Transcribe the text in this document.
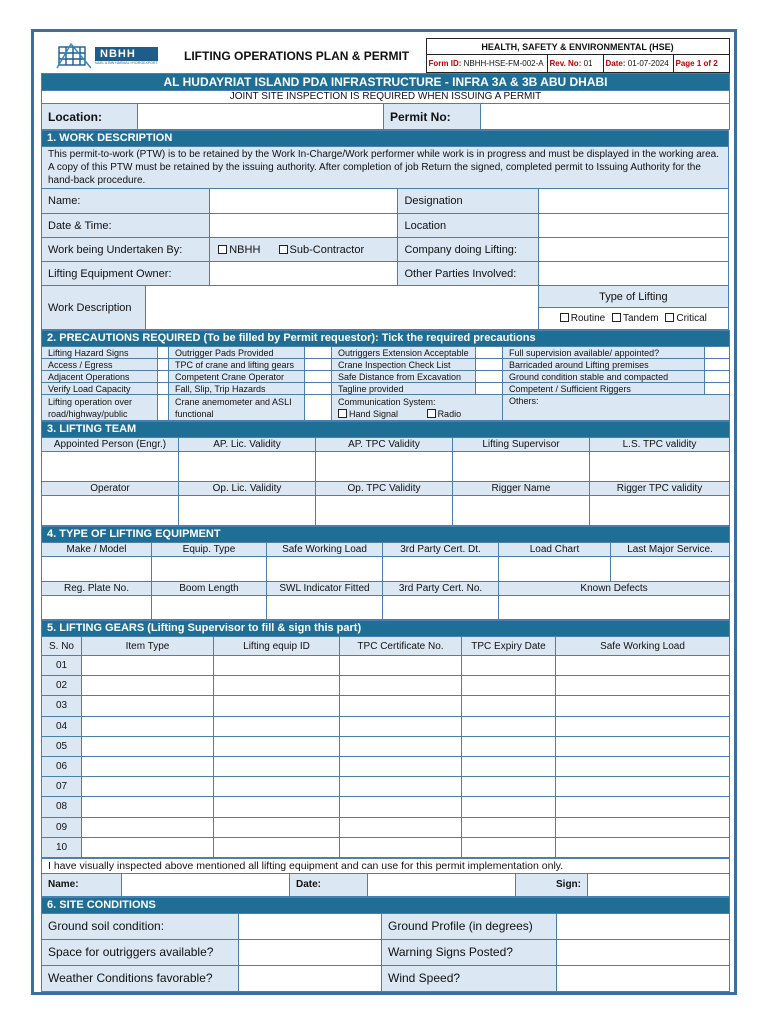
NBHH
NAEL & BIN HARMAL HYDROEXPORT	LIFTING OPERATIONS PLAN & PERMIT	HEALTH, SAFETY & ENVIRONMENTAL (HSE)			
		Form ID: NBHH-HSE-FM-002-A	Rev. No: 01	Date: 01-07-2024	Page 1 of 2
AL HUDAYRIAT ISLAND PDA INFRASTRUCTURE - INFRA 3A & 3B ABU DHABI
JOINT SITE INSPECTION IS REQUIRED WHEN ISSUING A PERMIT
Location:		Permit No:	
1. WORK DESCRIPTION				
This permit-to-work (PTW) is to be retained by the Work In-Charge/Work performer while work is in progress and must be displayed in the working area. A copy of this PTW must be retained by the issuing authority. After completion of job Return the signed, completed permit to Issuing Authority for the hand-back procedure.				
Name:			Designation	
Date & Time:			Location	
Work being Undertaken By:		NBHH Sub-Contractor	Company doing Lifting:	
Lifting Equipment Owner:			Other Parties Involved:	
Work Description				Type of Lifting
				Routine Tandem Critical
2. PRECAUTIONS REQUIRED (To be filled by Permit requestor): Tick the required precautions							
Lifting Hazard Signs		Outrigger Pads Provided		Outriggers Extension Acceptable		Full supervision available/ appointed?	
Access / Egress		TPC of crane and lifting gears		Crane Inspection Check List		Barricaded around Lifting premises	
Adjacent Operations		Competent Crane Operator		Safe Distance from Excavation		Ground condition stable and compacted	
Verify Load Capacity		Fall, Slip, Trip Hazards		Tagline provided		Competent / Sufficient Riggers	
Lifting operation over road/highway/public		Crane anemometer and ASLI functional		Communication System:
Hand Signal Radio		Others:	
3. LIFTING TEAM				
Appointed Person (Engr.)	AP. Lic. Validity	AP. TPC Validity	Lifting Supervisor	L.S. TPC validity

Operator	Op. Lic. Validity	Op. TPC Validity	Rigger Name	Rigger TPC validity

4. TYPE OF LIFTING EQUIPMENT					
Make / Model	Equip. Type	Safe Working Load	3rd Party Cert. Dt.	Load Chart	Last Major Service.

Reg. Plate No.	Boom Length	SWL Indicator Fitted	3rd Party Cert. No.	Known Defects	

5. LIFTING GEARS (Lifting Supervisor to fill & sign this part)					
S. No	Item Type	Lifting equip ID	TPC Certificate No.	TPC Expiry Date	Safe Working Load
01					
02					
03					
04					
05					
06					
07					
08					
09					
10					
I have visually inspected above mentioned all lifting equipment and can use for this permit implementation only.
Name:		Date:		Sign:	
6. SITE CONDITIONS			
Ground soil condition:		Ground Profile (in degrees)	
Space for outriggers available?		Warning Signs Posted?	
Weather Conditions favorable?		Wind Speed?	
